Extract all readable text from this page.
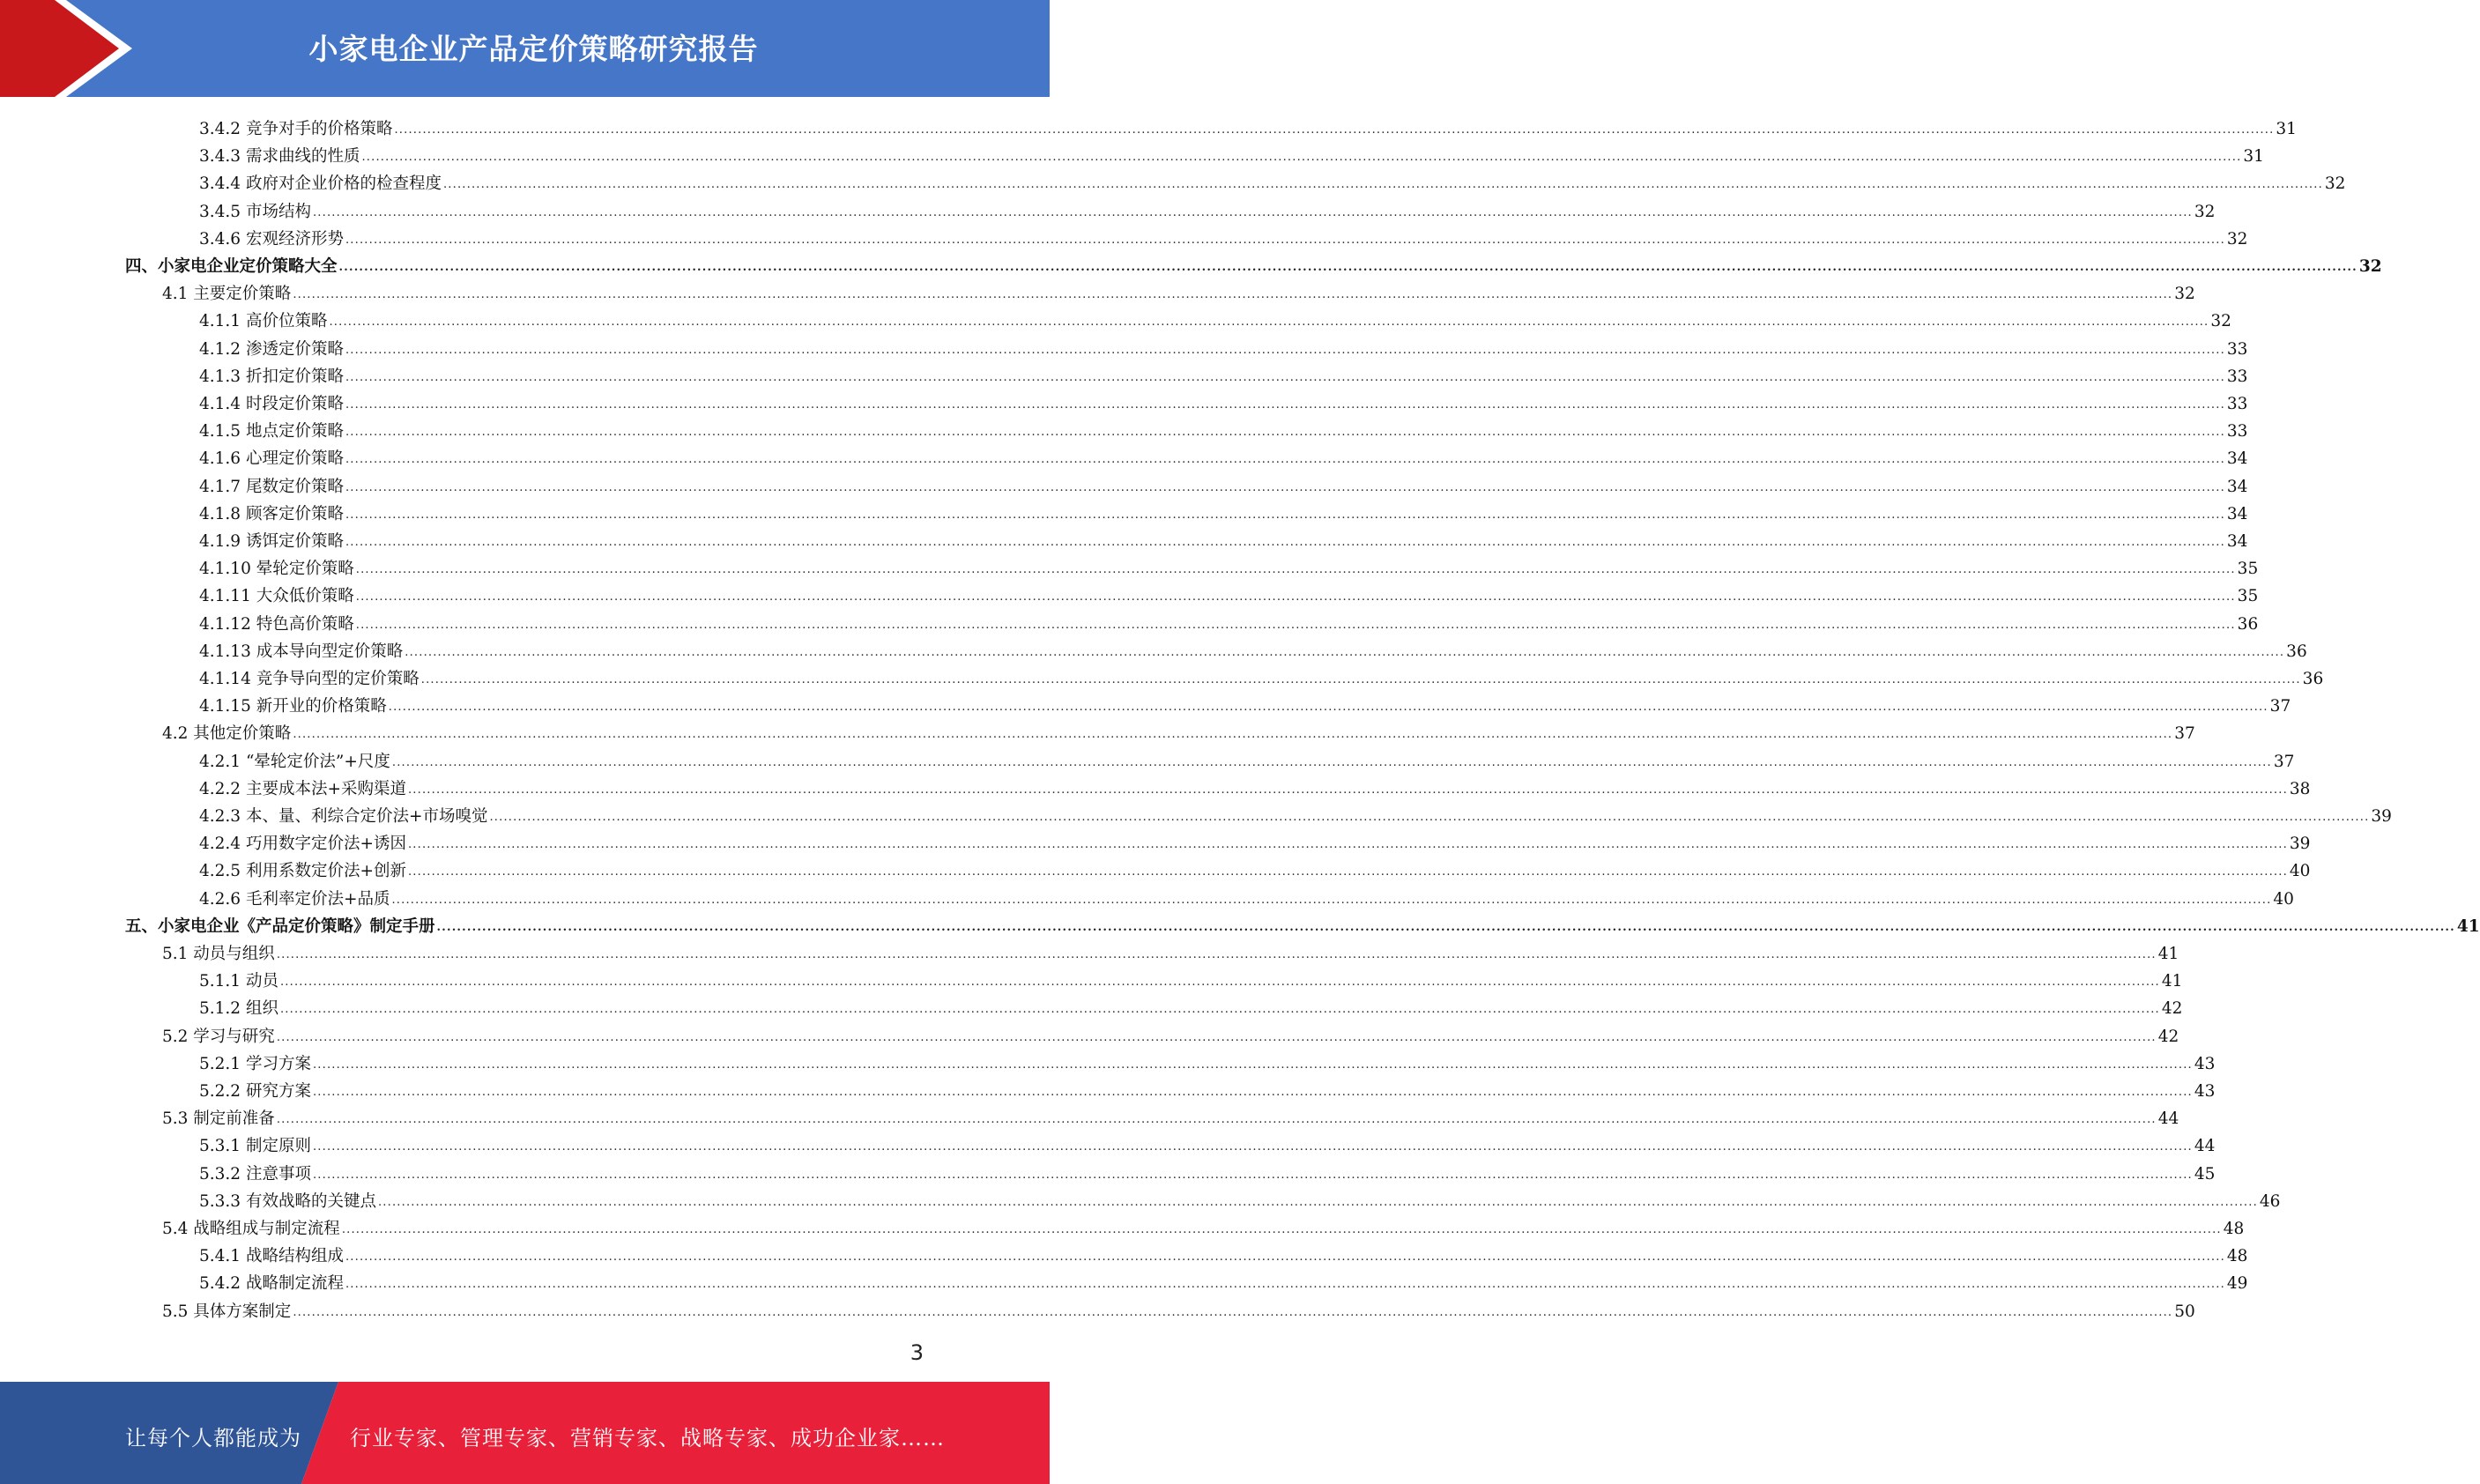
小家电企业产品定价策略研究报告
3.4.2 竞争对手的价格策略 ................................................................................................................................................................................................................................................................................................................................................................................................................ 31
3.4.3 需求曲线的性质 ................................................................................................................................................................................................................................................................................................................................................................................................................ 31
3.4.4 政府对企业价格的检查程度 ................................................................................................................................................................................................................................................................................................................................................................................................................ 32
3.4.5 市场结构 ................................................................................................................................................................................................................................................................................................................................................................................................................ 32
3.4.6 宏观经济形势 ................................................................................................................................................................................................................................................................................................................................................................................................................ 32
四、小家电企业定价策略大全 ................................................................................................................................................................................................................................................................................................................................................................................................................ 32
4.1 主要定价策略 ................................................................................................................................................................................................................................................................................................................................................................................................................ 32
4.1.1 高价位策略 ................................................................................................................................................................................................................................................................................................................................................................................................................ 32
4.1.2 渗透定价策略 ................................................................................................................................................................................................................................................................................................................................................................................................................ 33
4.1.3 折扣定价策略 ................................................................................................................................................................................................................................................................................................................................................................................................................ 33
4.1.4 时段定价策略 ................................................................................................................................................................................................................................................................................................................................................................................................................ 33
4.1.5 地点定价策略 ................................................................................................................................................................................................................................................................................................................................................................................................................ 33
4.1.6 心理定价策略 ................................................................................................................................................................................................................................................................................................................................................................................................................ 34
4.1.7 尾数定价策略 ................................................................................................................................................................................................................................................................................................................................................................................................................ 34
4.1.8 顾客定价策略 ................................................................................................................................................................................................................................................................................................................................................................................................................ 34
4.1.9 诱饵定价策略 ................................................................................................................................................................................................................................................................................................................................................................................................................ 34
4.1.10 晕轮定价策略 ................................................................................................................................................................................................................................................................................................................................................................................................................ 35
4.1.11 大众低价策略 ................................................................................................................................................................................................................................................................................................................................................................................................................ 35
4.1.12 特色高价策略 ................................................................................................................................................................................................................................................................................................................................................................................................................ 36
4.1.13 成本导向型定价策略 ................................................................................................................................................................................................................................................................................................................................................................................................................ 36
4.1.14 竞争导向型的定价策略 ................................................................................................................................................................................................................................................................................................................................................................................................................ 36
4.1.15 新开业的价格策略 ................................................................................................................................................................................................................................................................................................................................................................................................................ 37
4.2 其他定价策略 ................................................................................................................................................................................................................................................................................................................................................................................................................ 37
4.2.1 “晕轮定价法”+尺度 ................................................................................................................................................................................................................................................................................................................................................................................................................ 37
4.2.2 主要成本法+采购渠道 ................................................................................................................................................................................................................................................................................................................................................................................................................ 38
4.2.3 本、量、利综合定价法+市场嗅觉 ................................................................................................................................................................................................................................................................................................................................................................................................................ 39
4.2.4 巧用数字定价法+诱因 ................................................................................................................................................................................................................................................................................................................................................................................................................ 39
4.2.5 利用系数定价法+创新 ................................................................................................................................................................................................................................................................................................................................................................................................................ 40
4.2.6 毛利率定价法+品质 ................................................................................................................................................................................................................................................................................................................................................................................................................ 40
五、小家电企业《产品定价策略》制定手册 ................................................................................................................................................................................................................................................................................................................................................................................................................ 41
5.1 动员与组织 ................................................................................................................................................................................................................................................................................................................................................................................................................ 41
5.1.1 动员 ................................................................................................................................................................................................................................................................................................................................................................................................................ 41
5.1.2 组织 ................................................................................................................................................................................................................................................................................................................................................................................................................ 42
5.2 学习与研究 ................................................................................................................................................................................................................................................................................................................................................................................................................ 42
5.2.1 学习方案 ................................................................................................................................................................................................................................................................................................................................................................................................................ 43
5.2.2 研究方案 ................................................................................................................................................................................................................................................................................................................................................................................................................ 43
5.3 制定前准备 ................................................................................................................................................................................................................................................................................................................................................................................................................ 44
5.3.1 制定原则 ................................................................................................................................................................................................................................................................................................................................................................................................................ 44
5.3.2 注意事项 ................................................................................................................................................................................................................................................................................................................................................................................................................ 45
5.3.3 有效战略的关键点 ................................................................................................................................................................................................................................................................................................................................................................................................................ 46
5.4 战略组成与制定流程 ................................................................................................................................................................................................................................................................................................................................................................................................................ 48
5.4.1 战略结构组成 ................................................................................................................................................................................................................................................................................................................................................................................................................ 48
5.4.2 战略制定流程 ................................................................................................................................................................................................................................................................................................................................................................................................................ 49
5.5 具体方案制定 ................................................................................................................................................................................................................................................................................................................................................................................................................ 50
3
让每个人都能成为 行业专家、管理专家、营销专家、战略专家、成功企业家……
